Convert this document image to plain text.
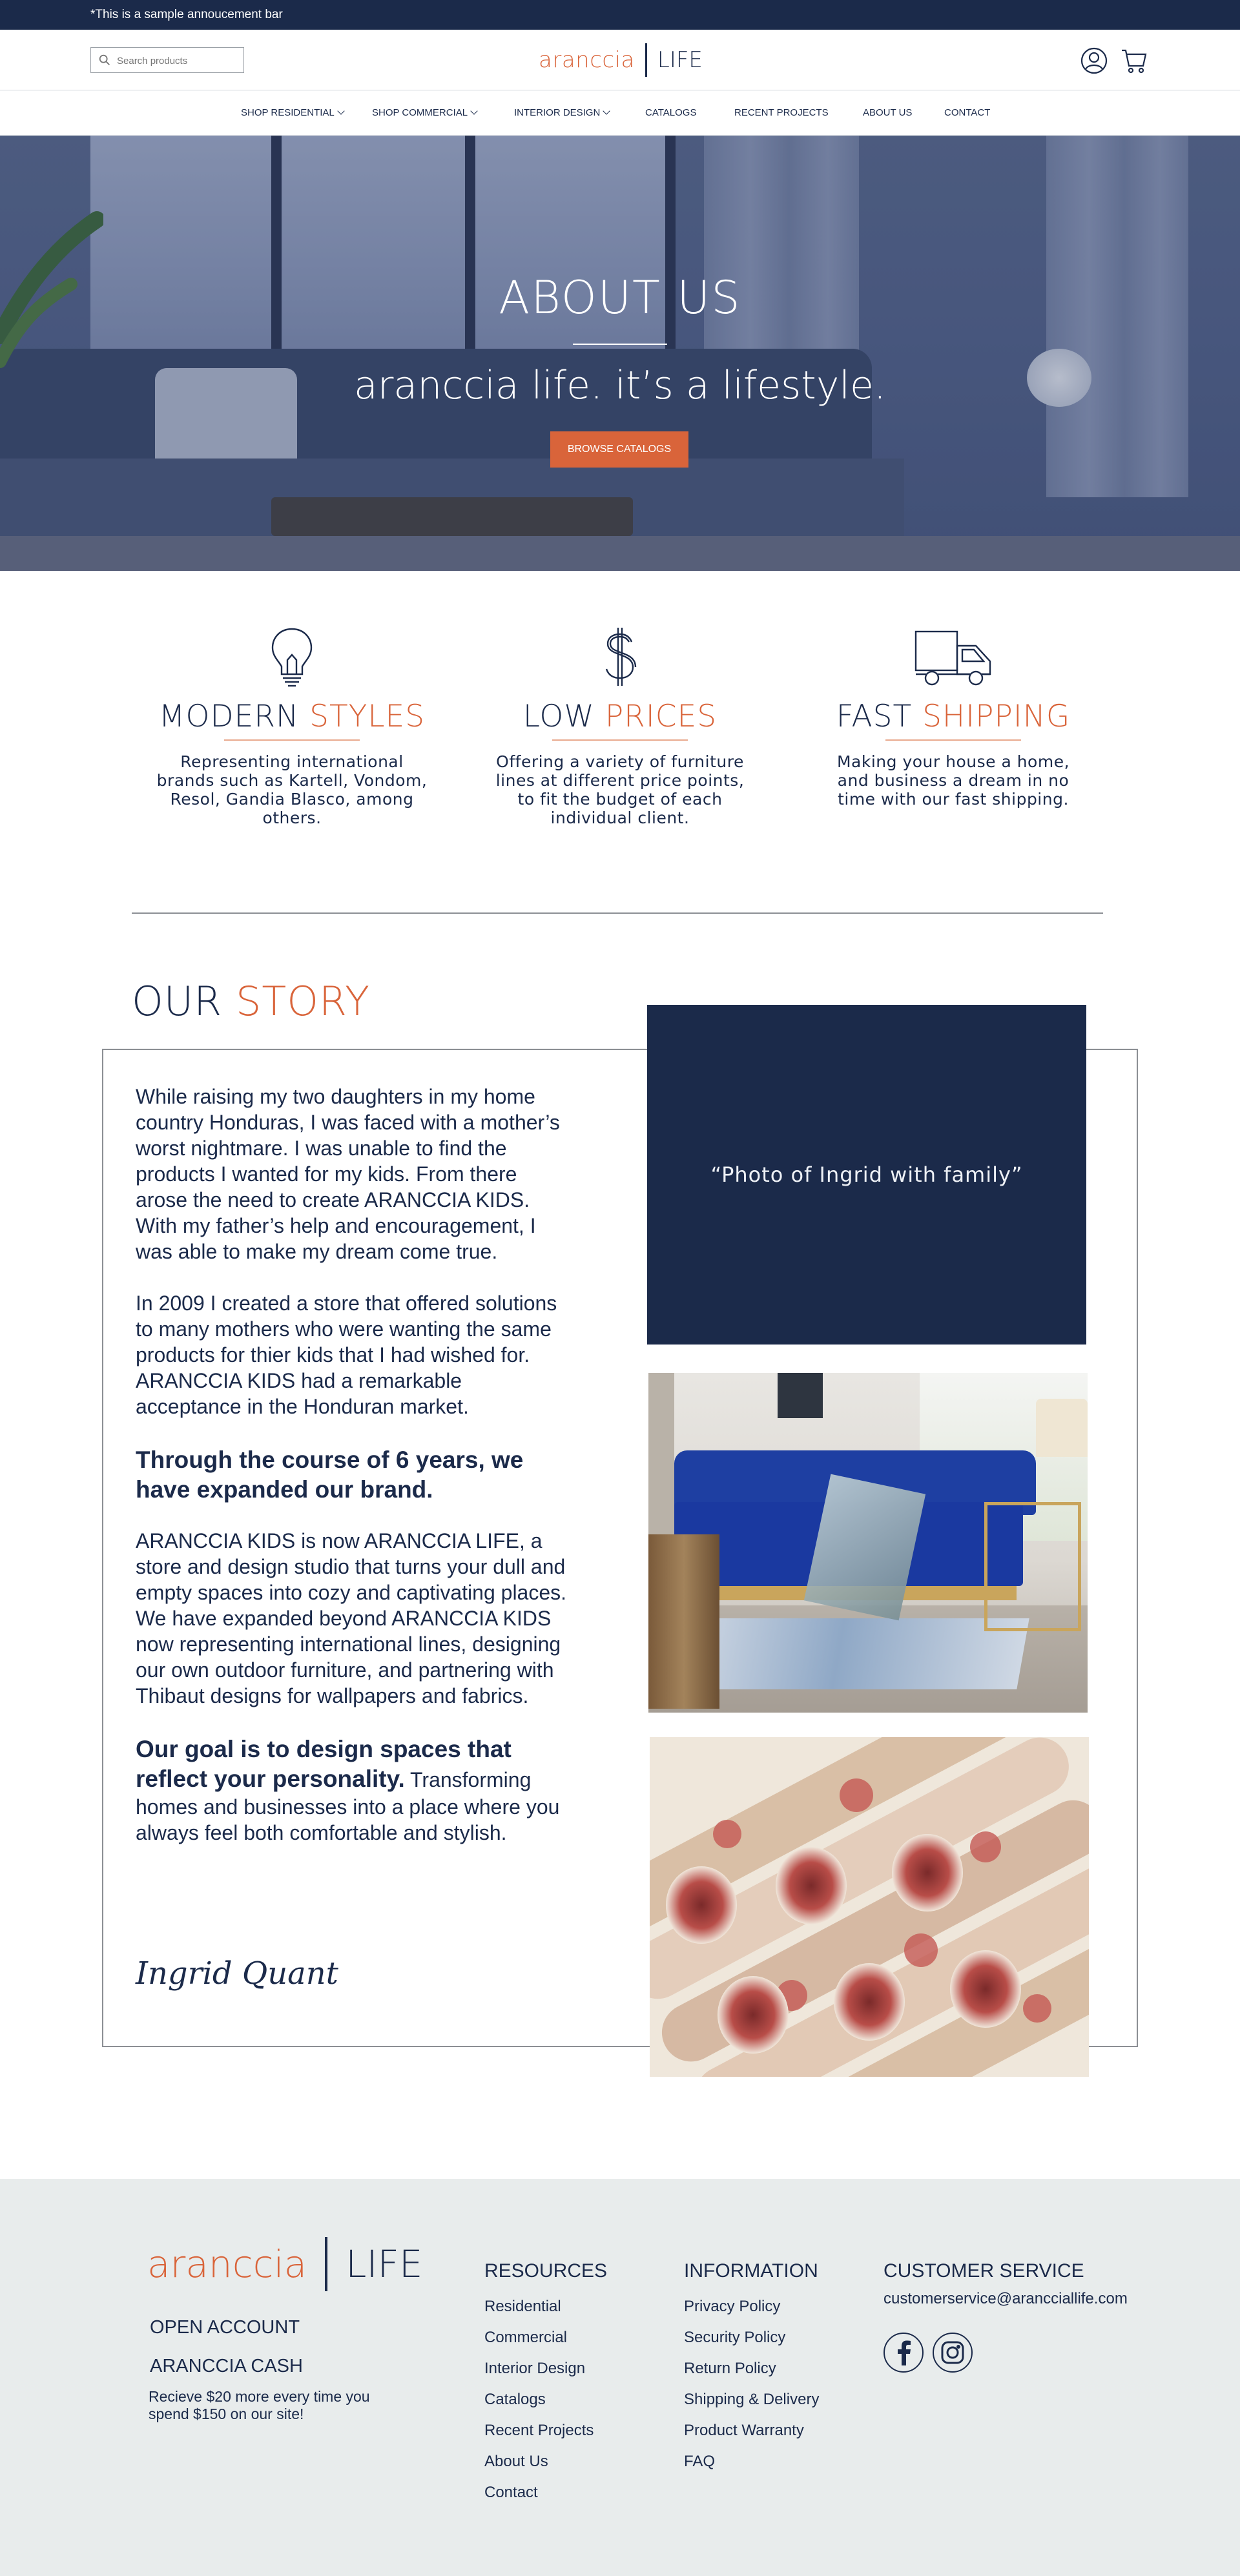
*This is a sample annoucement bar
Search products
aranccia LIFE
SHOP RESIDENTIAL	SHOP COMMERCIAL	INTERIOR DESIGN	CATALOGS	RECENT PROJECTS	ABOUT US	CONTACT
ABOUT US
aranccia life. it’s a lifestyle.
BROWSE CATALOGS
MODERN STYLES

Representing international brands such as Kartell, Vondom, Resol, Gandia Blasco, among others.

LOW PRICES

Offering a variety of furniture lines at different price points, to fit the budget of each individual client.

FAST SHIPPING

Making your house a home, and business a dream in no time with our fast shipping.

OUR STORY

While raising my two daughters in my home country Honduras, I was faced with a mother’s worst nightmare. I was unable to find the products I wanted for my kids. From there arose the need to create ARANCCIA KIDS. With my father’s help and encouragement, I was able to make my dream come true.

In 2009 I created a store that offered solutions to many mothers who were wanting the same products for thier kids that I had wished for. ARANCCIA KIDS had a remarkable acceptance in the Honduran market.

Through the course of 6 years, we have expanded our brand.

ARANCCIA KIDS is now ARANCCIA LIFE, a store and design studio that turns your dull and empty spaces into cozy and captivating places. We have expanded beyond ARANCCIA KIDS now representing international lines, designing our own outdoor furniture, and partnering with Thibaut designs for wallpapers and fabrics.

Our goal is to design spaces that reflect your personality. Transforming homes and businesses into a place where you always feel both comfortable and stylish.

Ingrid Quant
“Photo of Ingrid with family”
aranccia LIFE
OPEN ACCOUNT
ARANCCIA CASH
Recieve $20 more every time you spend $150 on our site!
RESOURCES
Residential
Commercial
Interior Design
Catalogs
Recent Projects
About Us
Contact
INFORMATION
Privacy Policy
Security Policy
Return Policy
Shipping & Delivery
Product Warranty
FAQ
CUSTOMER SERVICE
customerservice@arancciallife.com
